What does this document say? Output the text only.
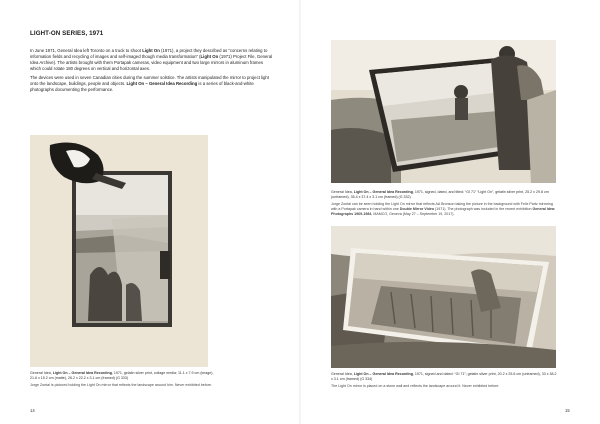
LIGHT-ON SERIES, 1971

In June 1971, General Idea left Toronto on a truck to shoot Light On (1971), a project they described as “concerns relating to information fields and recycling of images and self-imaged though media transformation” (Light On (1971) Project File, General Idea Archive). The artists brought with them Portapak cameras, video equipment and two large mirrors in aluminum frames which could rotate 180 degrees on vertical and horizontal axes.

The devices were used in seven Canadian cities during the summer solstice. The artists manipulated the mirror to project light onto the landscape, buildings, people and objects. Light On – General Idea Recording is a series of black-and-white photographs documenting the performance.

General Idea, Light On – General Idea Recording, 1971, gelatin silver print, collage media; 11.1 x 7.9 cm (image), 21.6 x 15.2 cm (matte), 26.2 x 22.2 x 3.1 cm (framed) (G 333)
Jorge Zontal is pictured holding the Light On mirror that reflects the landscape around him. Never exhibited before.
14
General Idea, Light On – General Idea Recording, 1971, signed, dated, and titled: “GI 71” “Light On”, gelatin silver print, 25.2 x 29.8 cm (unframed), 35.4 x 37.4 x 3.1 cm (framed) (G 332)
Jorge Zontal can be seen holding the Light On mirror that reflects AA Bronson taking the picture in the background with Felix Partz mirroring with a Portapak camera in hand within one Double Mirror Video (1971). The photograph was included in the recent exhibition General Idea: Photographs 1969-1984, MAMCO, Geneva (May 27 – September 19, 2017).
General Idea, Light On – General Idea Recording, 1971, signed and dated: “GI 71”; gelatin silver print, 20.2 x 25.6 cm (unframed), 33 x 38.2 x 3.1 cm (framed) (G 334)
The Light On mirror is placed on a stone wall and reflects the landscape around it. Never exhibited before.
15
